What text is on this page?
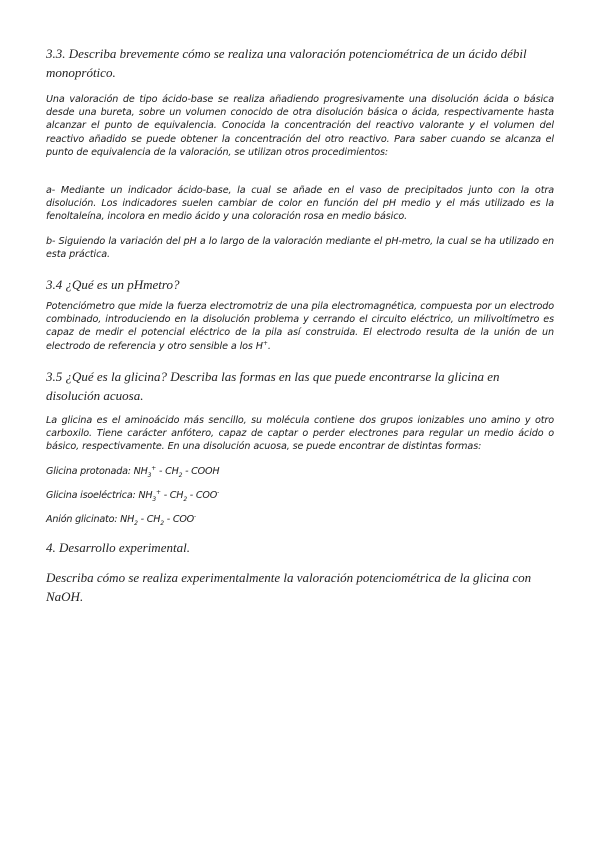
3.3. Describa brevemente cómo se realiza una valoración potenciométrica de un ácido débil monoprótico.
Una valoración de tipo ácido-base se realiza añadiendo progresivamente una disolución ácida o básica desde una bureta, sobre un volumen conocido de otra disolución básica o ácida, respectivamente hasta alcanzar el punto de equivalencia. Conocida la concentración del reactivo valorante y el volumen del reactivo añadido se puede obtener la concentración del otro reactivo. Para saber cuando se alcanza el punto de equivalencia de la valoración, se utilizan otros procedimientos:
a- Mediante un indicador ácido-base, la cual se añade en el vaso de precipitados junto con la otra disolución. Los indicadores suelen cambiar de color en función del pH medio y el más utilizado es la fenoltaleína, incolora en medio ácido y una coloración rosa en medio básico.
b- Siguiendo la variación del pH a lo largo de la valoración mediante el pH-metro, la cual se ha utilizado en esta práctica.
3.4 ¿Qué es un pHmetro?
Potenciómetro que mide la fuerza electromotriz de una pila electromagnética, compuesta por un electrodo combinado, introduciendo en la disolución problema y cerrando el circuito eléctrico, un milivoltímetro es capaz de medir el potencial eléctrico de la pila así construida. El electrodo resulta de la unión de un electrodo de referencia y otro sensible a los H+.
3.5 ¿Qué es la glicina? Describa las formas en las que puede encontrarse la glicina en disolución acuosa.
La glicina es el aminoácido más sencillo, su molécula contiene dos grupos ionizables uno amino y otro carboxilo. Tiene carácter anfótero, capaz de captar o perder electrones para regular un medio ácido o básico, respectivamente. En una disolución acuosa, se puede encontrar de distintas formas:
Glicina protonada: $NH_3^+ - CH_2$ - COOH
Glicina isoeléctrica: $NH_3^+ - CH_2 - COO^-$
Anión glicinato: $NH_2 - CH_2 - COO^-$
4. Desarrollo experimental.
Describa cómo se realiza experimentalmente la valoración potenciométrica de la glicina con NaOH.
